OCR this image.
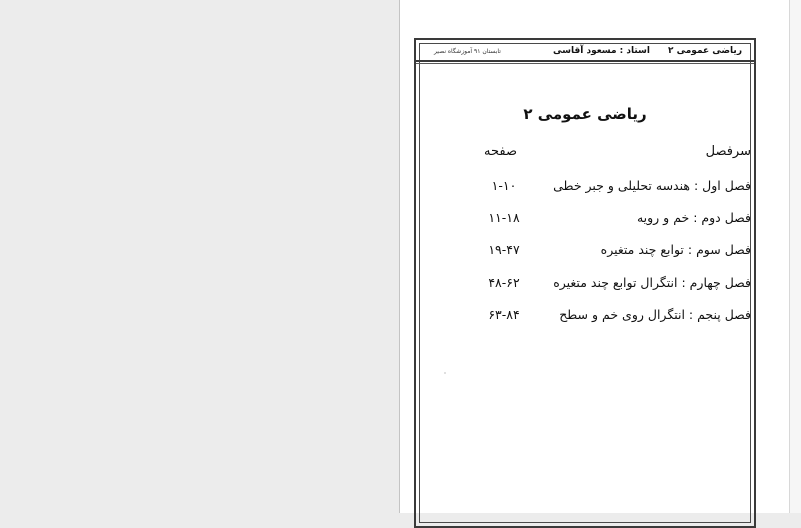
ریاضی عمومی ۲
استاد : مسعود آقاسی
تابستان ۹۱ آموزشگاه نصیر
ریاضی عمومی ۲
سرفصل
صفحه
فصل اول : هندسه تحلیلی و جبر خطی
۱-۱۰
فصل دوم : خم و رویه
۱۱-۱۸
فصل سوم : توابع چند متغیره
۱۹-۴۷
فصل چهارم : انتگرال توابع چند متغیره
۴۸-۶۲
فصل پنجم : انتگرال روی خم و سطح
۶۳-۸۴
